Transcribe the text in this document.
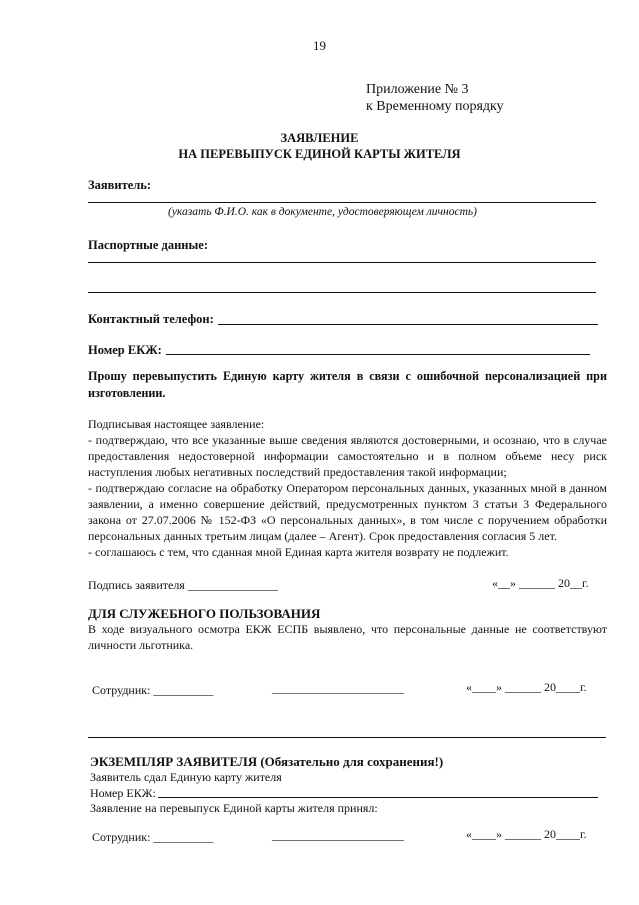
19
Приложение № 3
к Временному порядку
ЗАЯВЛЕНИЕ
НА ПЕРЕВЫПУСК ЕДИНОЙ КАРТЫ ЖИТЕЛЯ
Заявитель:
(указать Ф.И.О. как в документе, удостоверяющем личность)
Паспортные данные:
Контактный телефон:
Номер ЕКЖ:
Прошу перевыпустить Единую карту жителя в связи с ошибочной персонализацией при изготовлении.
Подписывая настоящее заявление:
- подтверждаю, что все указанные выше сведения являются достоверными, и осознаю, что в случае предоставления недостоверной информации самостоятельно и в полном объеме несу риск наступления любых негативных последствий предоставления такой информации;
- подтверждаю согласие на обработку Оператором персональных данных, указанных мной в данном заявлении, а именно совершение действий, предусмотренных пунктом 3 статьи 3 Федерального закона от 27.07.2006 № 152-ФЗ «О персональных данных», в том числе с поручением обработки персональных данных третьим лицам (далее – Агент). Срок предоставления согласия 5 лет.
- соглашаюсь с тем, что сданная мной Единая карта жителя возврату не подлежит.
Подпись заявителя _______________	«__» ______ 20__г.
ДЛЯ СЛУЖЕБНОГО ПОЛЬЗОВАНИЯ
В ходе визуального осмотра ЕКЖ ЕСПБ выявлено, что персональные данные не соответствуют личности льготника.
Сотрудник: __________	______________________	«____» ______ 20____г.
ЭКЗЕМПЛЯР ЗАЯВИТЕЛЯ (Обязательно для сохранения!)
Заявитель сдал Единую карту жителя
Номер ЕКЖ:
Заявление на перевыпуск Единой карты жителя принял:
Сотрудник: __________	______________________	«____» ______ 20____г.
